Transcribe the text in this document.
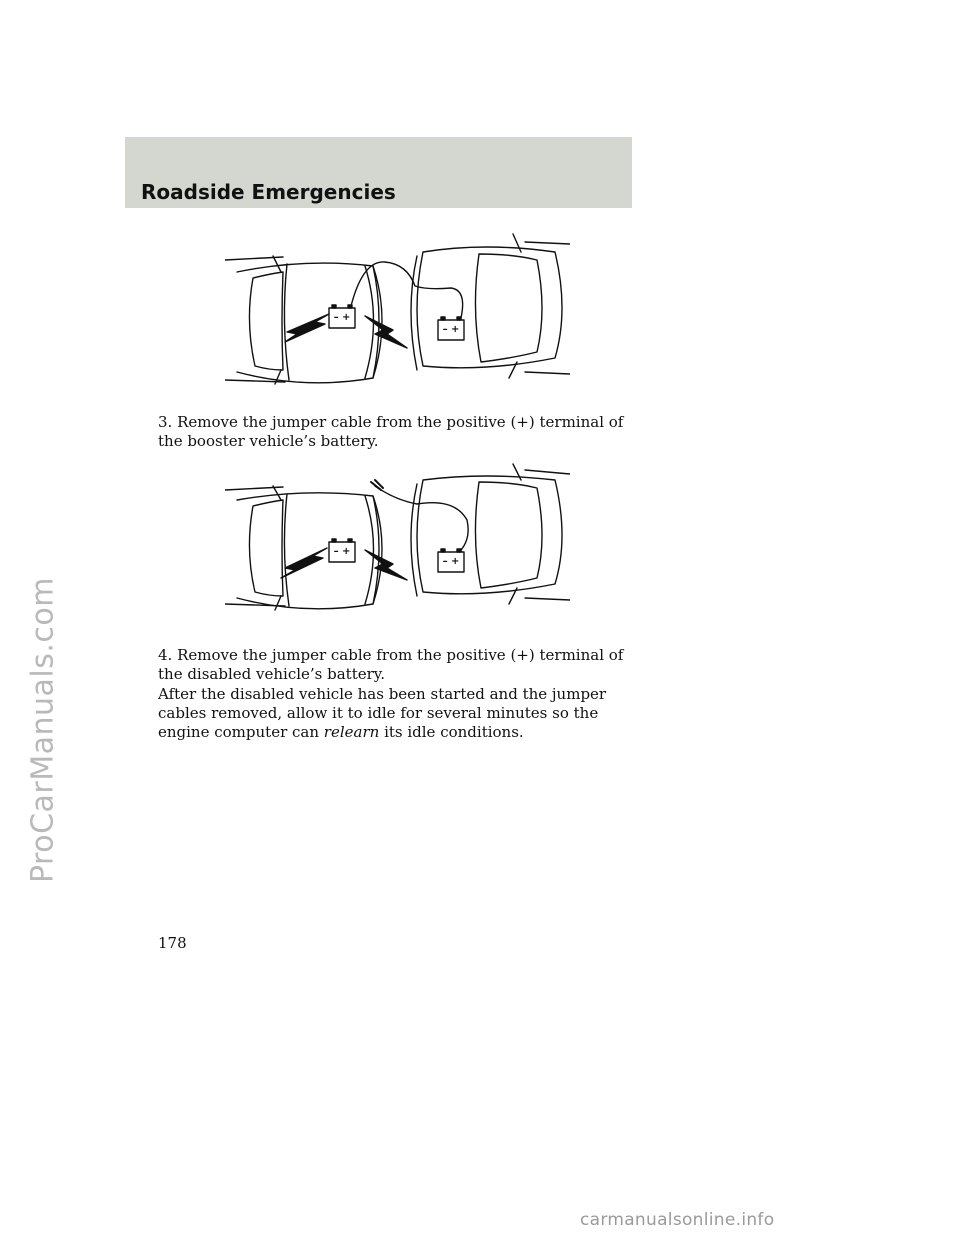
ProCarManuals.com
Roadside Emergencies
– +
– +

3. Remove the jumper cable from the positive (+) terminal of the booster vehicle’s battery.

– +
– +

4. Remove the jumper cable from the positive (+) terminal of the disabled vehicle’s battery.

After the disabled vehicle has been started and the jumper cables removed, allow it to idle for several minutes so the engine computer can relearn its idle conditions.

178
carmanualsonline.info
